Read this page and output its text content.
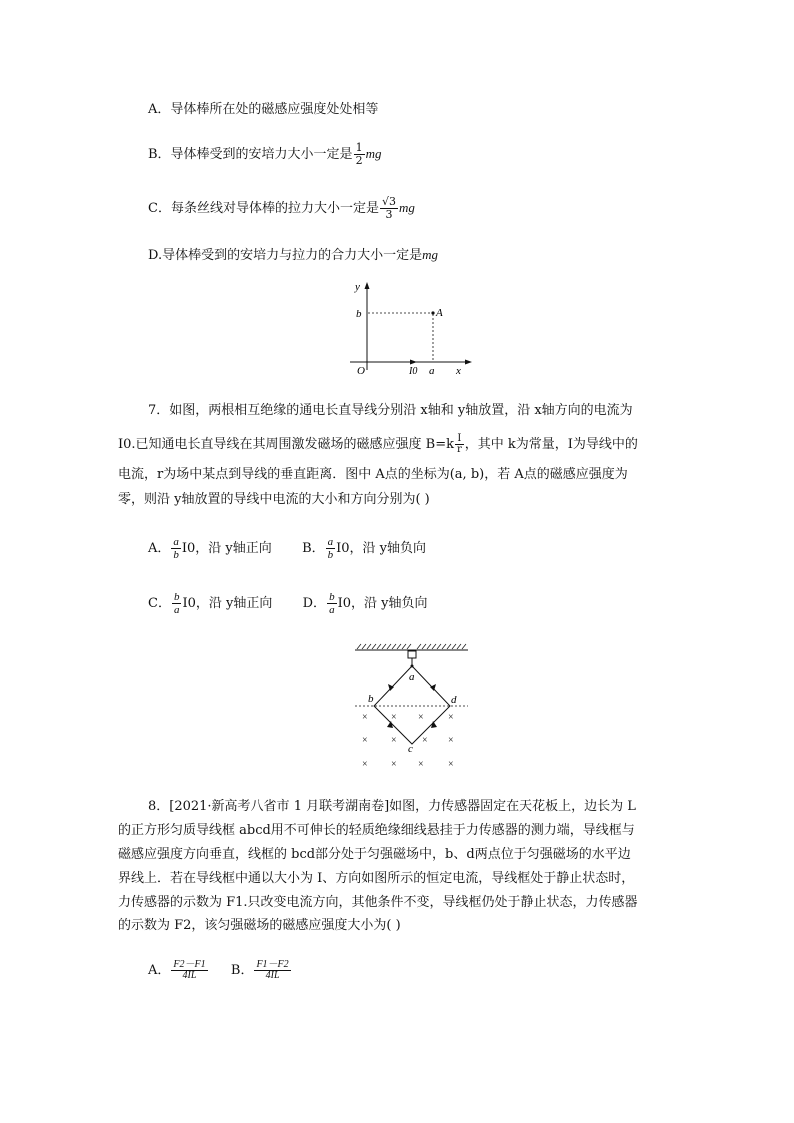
A．导体棒所在处的磁感应强度处处相等
B．导体棒受到的安培力大小一定是 $\frac{1}{2}$ mg
C．每条丝线对导体棒的拉力大小一定是 $\frac{√3}{3}$ mg
D.导体棒受到的安培力与拉力的合力大小一定是mg
y
x
O
b	A
a
I0
7．如图，两根相互绝缘的通电长直导线分别沿 x轴和 y轴放置，沿 x轴方向的电流为
I0.已知通电长直导线在其周围激发磁场的磁感应强度 $B=k \frac{I}{r}$ ，其中 k为常量，I为导线中的
电流，r为场中某点到导线的垂直距离．图中 A点的坐标为(a, b)，若 A点的磁感应强度为
零，则沿 y轴放置的导线中电流的大小和方向分别为( )
A． $\frac{a}{b} I0$，沿 y轴正向 B． $\frac{a}{b} I0$，沿 y轴负向
C． $\frac{b}{a} I0$，沿 y轴正向 D． $\frac{b}{a} I0$，沿 y轴负向
a
b	d
c
× × × ×
× ×	× ×
× × × ×
8．[2021·新高考八省市 1 月联考湖南卷]如图，力传感器固定在天花板上，边长为 L
的正方形匀质导线框 abcd用不可伸长的轻质绝缘细线悬挂于力传感器的测力端，导线框与
磁感应强度方向垂直，线框的 bcd部分处于匀强磁场中，b、d两点位于匀强磁场的水平边
界线上．若在导线框中通以大小为 I、方向如图所示的恒定电流，导线框处于静止状态时，
力传感器的示数为 F1.只改变电流方向，其他条件不变，导线框仍处于静止状态，力传感器
的示数为 F2，该匀强磁场的磁感应强度大小为( )
A． $\frac{F2-F1}{4IL}$ B． $\frac{F1-F2}{4IL}$
